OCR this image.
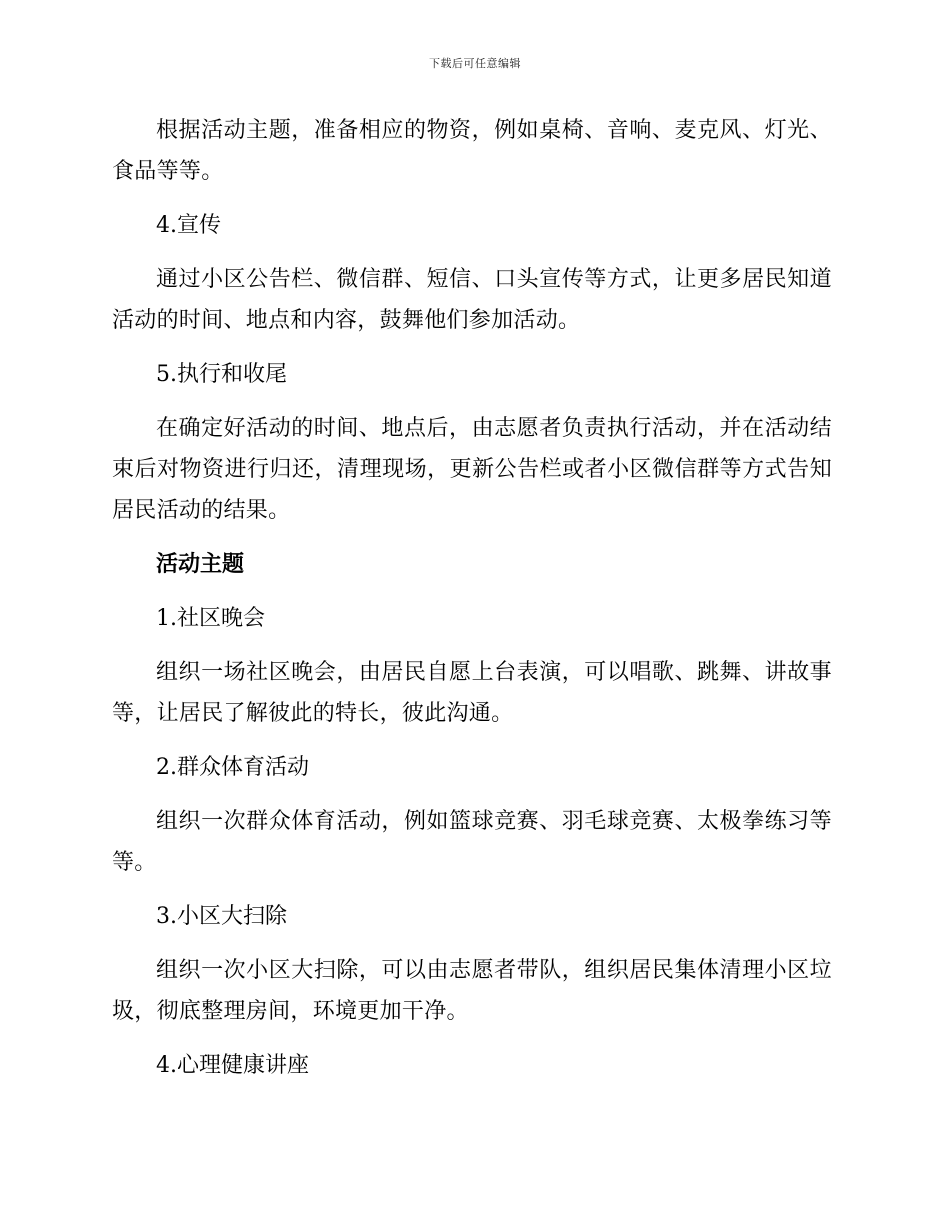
下载后可任意编辑

根据活动主题，准备相应的物资，例如桌椅、音响、麦克风、灯光、食品等等。

4.宣传

通过小区公告栏、微信群、短信、口头宣传等方式，让更多居民知道活动的时间、地点和内容，鼓舞他们参加活动。

5.执行和收尾

在确定好活动的时间、地点后，由志愿者负责执行活动，并在活动结束后对物资进行归还，清理现场，更新公告栏或者小区微信群等方式告知居民活动的结果。

活动主题

1.社区晚会

组织一场社区晚会，由居民自愿上台表演，可以唱歌、跳舞、讲故事等，让居民了解彼此的特长，彼此沟通。

2.群众体育活动

组织一次群众体育活动，例如篮球竞赛、羽毛球竞赛、太极拳练习等等。

3.小区大扫除

组织一次小区大扫除，可以由志愿者带队，组织居民集体清理小区垃圾，彻底整理房间，环境更加干净。

4.心理健康讲座
